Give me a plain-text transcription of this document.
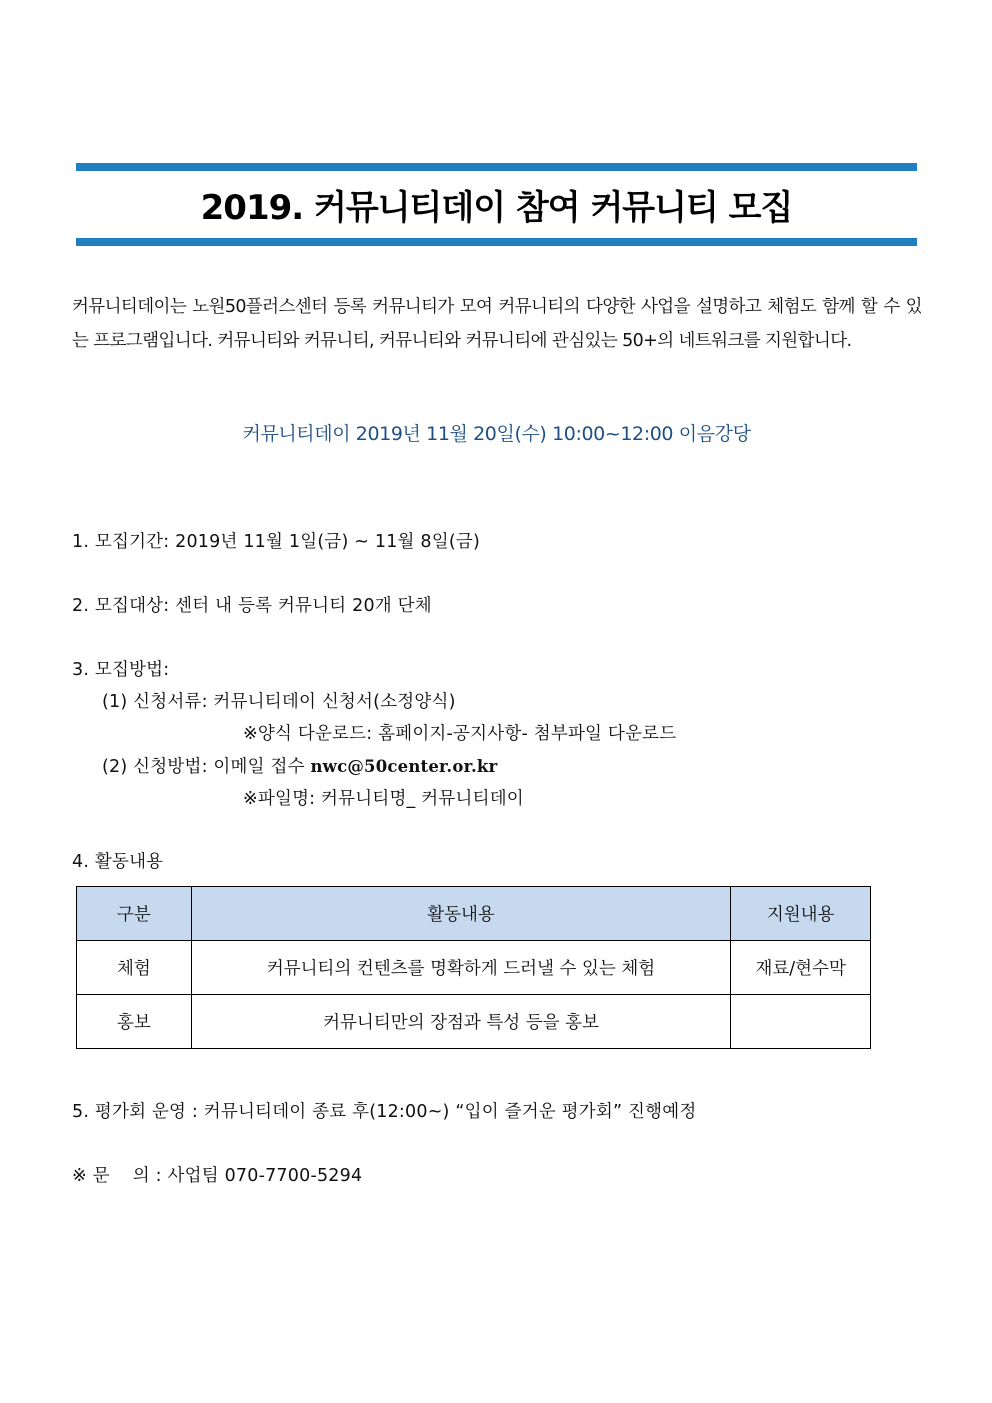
2019. 커뮤니티데이 참여 커뮤니티 모집
커뮤니티데이는 노원50플러스센터 등록 커뮤니티가 모여 커뮤니티의 다양한 사업을 설명하고 체험도 함께 할 수 있는 프로그램입니다. 커뮤니티와 커뮤니티, 커뮤니티와 커뮤니티에 관심있는 50+의 네트워크를 지원합니다.
커뮤니티데이 2019년 11월 20일(수) 10:00~12:00 이음강당
1. 모집기간: 2019년 11월 1일(금) ~ 11월 8일(금)
2. 모집대상: 센터 내 등록 커뮤니티 20개 단체
3. 모집방법:
(1) 신청서류: 커뮤니티데이 신청서(소정양식)
※양식 다운로드: 홈페이지-공지사항- 첨부파일 다운로드
(2) 신청방법: 이메일 접수 nwc@50center.or.kr
※파일명: 커뮤니티명_ 커뮤니티데이
4. 활동내용
구분	활동내용	지원내용
체험	커뮤니티의 컨텐츠를 명확하게 드러낼 수 있는 체험	재료/현수막
홍보	커뮤니티만의 장점과 특성 등을 홍보	
5. 평가회 운영 : 커뮤니티데이 종료 후(12:00~) “입이 즐거운 평가회” 진행예정
※ 문    의 : 사업팀 070-7700-5294
